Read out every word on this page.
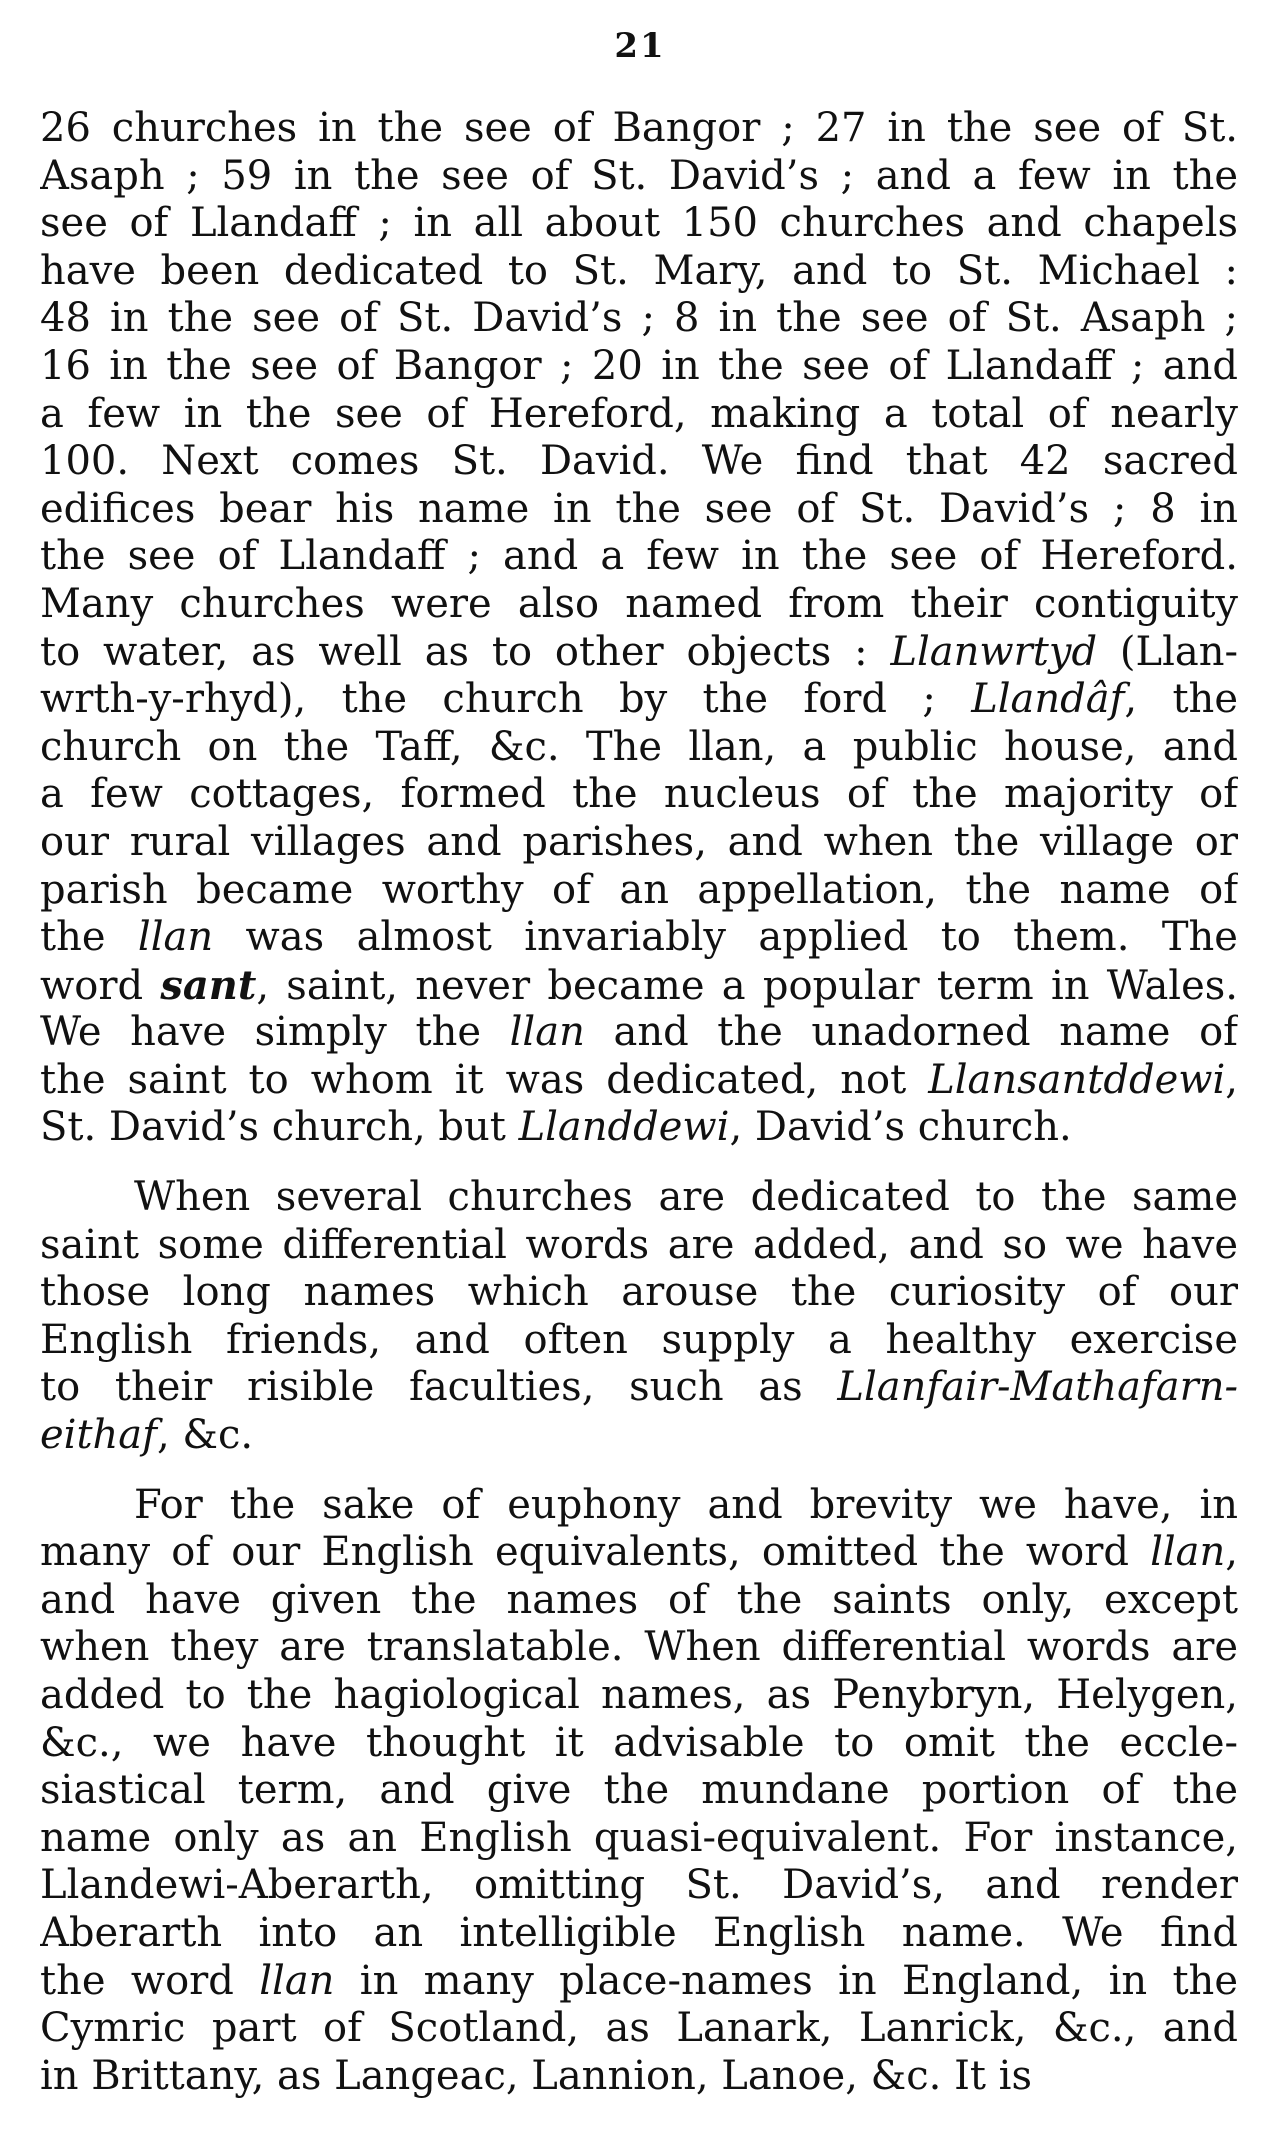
21
26 churches in the see of Bangor ; 27 in the see of St.
Asaph ; 59 in the see of St. David’s ; and a few in the
see of Llandaff ; in all about 150 churches and chapels
have been dedicated to St. Mary, and to St. Michael :
48 in the see of St. David’s ; 8 in the see of St. Asaph ;
16 in the see of Bangor ; 20 in the see of Llandaff ; and
a few in the see of Hereford, making a total of nearly
100. Next comes St. David. We find that 42 sacred
edifices bear his name in the see of St. David’s ; 8 in
the see of Llandaff ; and a few in the see of Hereford.
Many churches were also named from their contiguity
to water, as well as to other objects : Llanwrtyd (Llan-
wrth-y-rhyd), the church by the ford ; Llandâf, the
church on the Taff, &c. The llan, a public house, and
a few cottages, formed the nucleus of the majority of
our rural villages and parishes, and when the village or
parish became worthy of an appellation, the name of
the llan was almost invariably applied to them. The
word sant, saint, never became a popular term in Wales.
We have simply the llan and the unadorned name of
the saint to whom it was dedicated, not Llansantddewi,
St. David’s church, but Llanddewi, David’s church.
When several churches are dedicated to the same
saint some differential words are added, and so we have
those long names which arouse the curiosity of our
English friends, and often supply a healthy exercise
to their risible faculties, such as Llanfair-Mathafarn-
eithaf, &c.
For the sake of euphony and brevity we have, in
many of our English equivalents, omitted the word llan,
and have given the names of the saints only, except
when they are translatable. When differential words are
added to the hagiological names, as Penybryn, Helygen,
&c., we have thought it advisable to omit the eccle-
siastical term, and give the mundane portion of the
name only as an English quasi-equivalent. For instance,
Llandewi-Aberarth, omitting St. David’s, and render
Aberarth into an intelligible English name. We find
the word llan in many place-names in England, in the
Cymric part of Scotland, as Lanark, Lanrick, &c., and
in Brittany, as Langeac, Lannion, Lanoe, &c. It is
